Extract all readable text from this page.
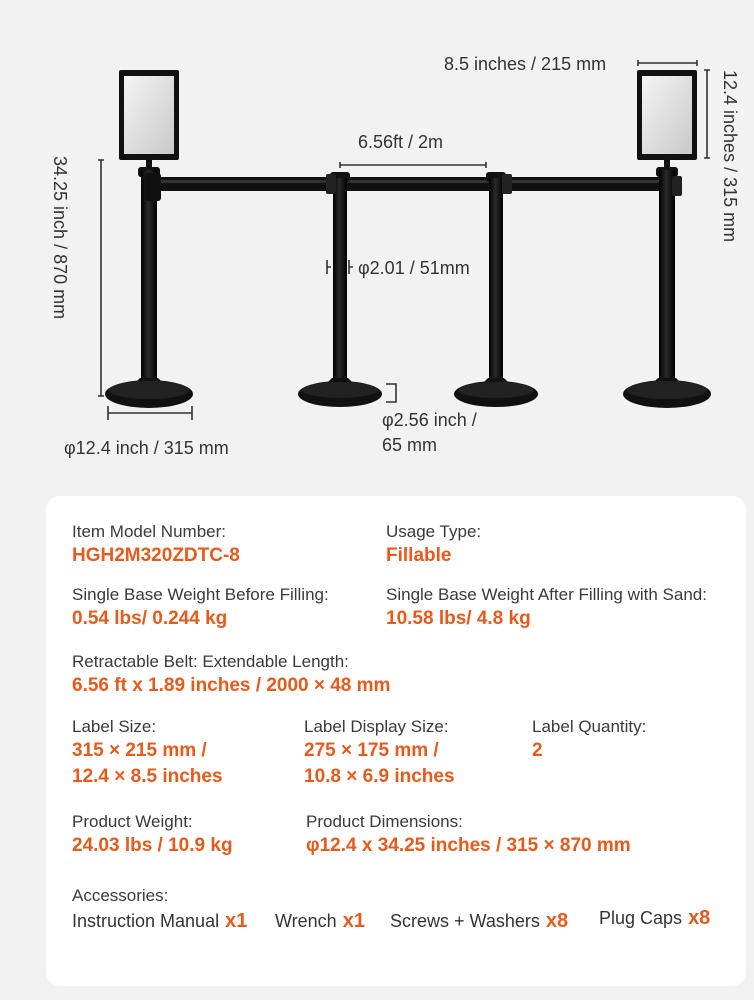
8.5 inches / 215 mm
12.4 inches / 315 mm
6.56ft / 2m
34.25 inch / 870 mm	φ2.01 / 51mm
φ12.4 inch / 315 mm
φ2.56 inch /
65 mm
Item Model Number:
HGH2M320ZDTC-8
Usage Type:
Fillable
Single Base Weight Before Filling:
0.54 lbs/ 0.244 kg
Single Base Weight After Filling with Sand:
10.58 lbs/ 4.8 kg
Retractable Belt: Extendable Length:
6.56 ft x 1.89 inches / 2000 × 48 mm
Label Size:
315 × 215 mm /
12.4 × 8.5 inches
Label Display Size:
275 × 175 mm /
10.8 × 6.9 inches
Label Quantity:
2
Product Weight:
24.03 lbs / 10.9 kg
Product Dimensions:
φ12.4 x 34.25 inches / 315 × 870 mm
Accessories:
Instruction Manual x1 Wrench x1 Screws + Washers x8 Plug Caps x8
